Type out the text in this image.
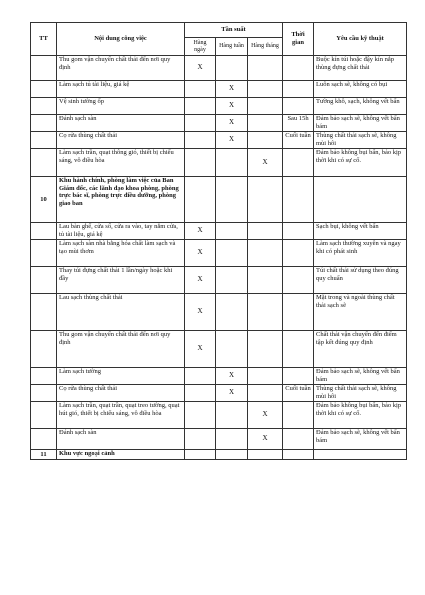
TT	Nội dung công việc	Tần suất			Thời gian	Yêu cầu kỹ thuật
		Hàng ngày	Hàng tuần	Hàng tháng		
	Thu gom vận chuyển chất thải đến nơi quy định	X				Buộc kín túi hoặc đậy kín nắp thùng đựng chất thải
	Làm sạch tủ tài liệu, giá kệ		X			Luôn sạch sẽ, không có bụi
	Vệ sinh tường ốp		X			Tường khô, sạch, không vết bẩn
	Đánh sạch sàn		X		Sau 15h	Đảm bảo sạch sẽ, không vết bẩn bám
	Cọ rửa thùng chất thải		X		Cuối tuần	Thùng chất thải sạch sẽ, không mùi hôi
	Làm sạch trần, quạt thông gió, thiết bị chiếu sáng, vô điều hòa			X		Đảm bảo không bụi bẩn, bảo kịp thời khi có sự cố.
10	Khu hành chính, phòng làm việc của Ban Giám đốc, các lãnh đạo khoa phòng, phòng trực bác sĩ, phòng trực điều dưỡng, phòng giao ban					
	Lau bàn ghế, cửa sổ, cửa ra vào, tay nắm cửa, tủ tài liệu, giá kệ	X				Sạch bụi, không vết bẩn
	Làm sạch sàn nhà bằng hóa chất làm sạch và tạo mùi thơm	X				Làm sạch thường xuyên và ngay khi có phát sinh
	Thay túi đựng chất thải 1 lần/ngày hoặc khi đầy	X				Túi chất thải sử dụng theo đúng quy chuẩn
	Lau sạch thùng chất thải	X				Mặt trong và ngoài thùng chất thải sạch sẽ
	Thu gom vận chuyển chất thải đến nơi quy định	X				Chất thải vận chuyển đến điểm tập kết đúng quy định
	Làm sạch tường		X			Đảm bảo sạch sẽ, không vết bẩn bám
	Cọ rửa thùng chất thải		X		Cuối tuần	Thùng chất thải sạch sẽ, không mùi hôi
	Làm sạch trần, quạt trần, quạt treo tường, quạt hút gió, thiết bị chiếu sáng, vô điều hòa			X		Đảm bảo không bụi bẩn, bảo kịp thời khi có sự cố.
	Đánh sạch sàn			X		Đảm bảo sạch sẽ, không vết bẩn bám
11	Khu vực ngoại cảnh					
